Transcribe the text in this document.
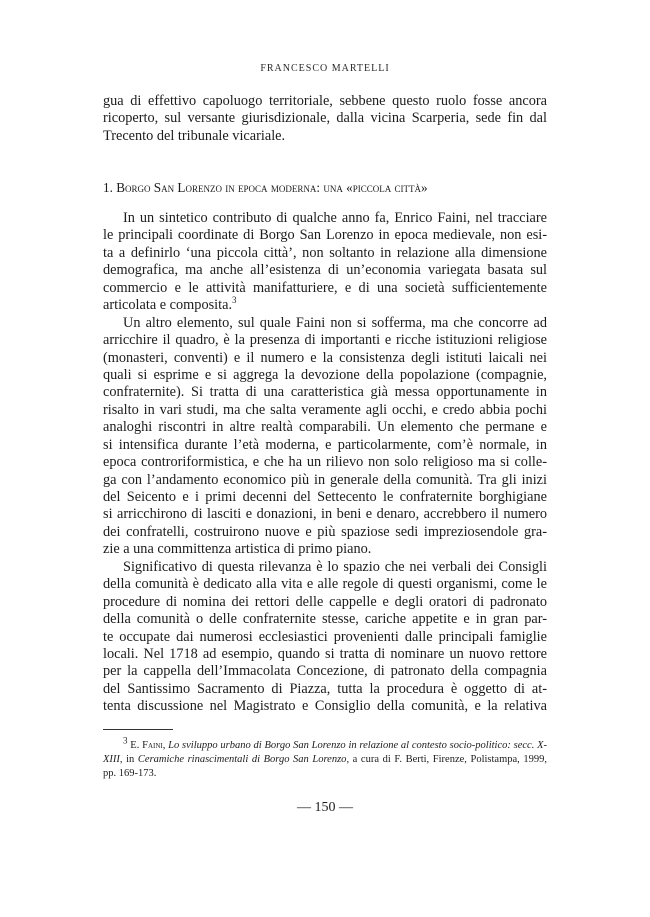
FRANCESCO MARTELLI
gua di effettivo capoluogo territoriale, sebbene questo ruolo fosse ancora
ricoperto, sul versante giurisdizionale, dalla vicina Scarperia, sede fin dal
Trecento del tribunale vicariale.
1. Borgo San Lorenzo in epoca moderna: una «piccola città»
In un sintetico contributo di qualche anno fa, Enrico Faini, nel tracciare
le principali coordinate di Borgo San Lorenzo in epoca medievale, non esi-
ta a definirlo ‘una piccola città’, non soltanto in relazione alla dimensione
demografica, ma anche all’esistenza di un’economia variegata basata sul
commercio e le attività manifatturiere, e di una società sufficientemente
articolata e composita.$^3$
Un altro elemento, sul quale Faini non si sofferma, ma che concorre ad
arricchire il quadro, è la presenza di importanti e ricche istituzioni religiose
(monasteri, conventi) e il numero e la consistenza degli istituti laicali nei
quali si esprime e si aggrega la devozione della popolazione (compagnie,
confraternite). Si tratta di una caratteristica già messa opportunamente in
risalto in vari studi, ma che salta veramente agli occhi, e credo abbia pochi
analoghi riscontri in altre realtà comparabili. Un elemento che permane e
si intensifica durante l’età moderna, e particolarmente, com’è normale, in
epoca controriformistica, e che ha un rilievo non solo religioso ma si colle-
ga con l’andamento economico più in generale della comunità. Tra gli inizi
del Seicento e i primi decenni del Settecento le confraternite borghigiane
si arricchirono di lasciti e donazioni, in beni e denaro, accrebbero il numero
dei confratelli, costruirono nuove e più spaziose sedi impreziosendole gra-
zie a una committenza artistica di primo piano.
Significativo di questa rilevanza è lo spazio che nei verbali dei Consigli
della comunità è dedicato alla vita e alle regole di questi organismi, come le
procedure di nomina dei rettori delle cappelle e degli oratori di padronato
della comunità o delle confraternite stesse, cariche appetite e in gran par-
te occupate dai numerosi ecclesiastici provenienti dalle principali famiglie
locali. Nel 1718 ad esempio, quando si tratta di nominare un nuovo rettore
per la cappella dell’Immacolata Concezione, di patronato della compagnia
del Santissimo Sacramento di Piazza, tutta la procedura è oggetto di at-
tenta discussione nel Magistrato e Consiglio della comunità, e la relativa
$^3$ E. Faini, Lo sviluppo urbano di Borgo San Lorenzo in relazione al contesto socio-politico: secc. X-
XIII, in Ceramiche rinascimentali di Borgo San Lorenzo, a cura di F. Berti, Firenze, Polistampa, 1999,
pp. 169-173.
— 150 —
